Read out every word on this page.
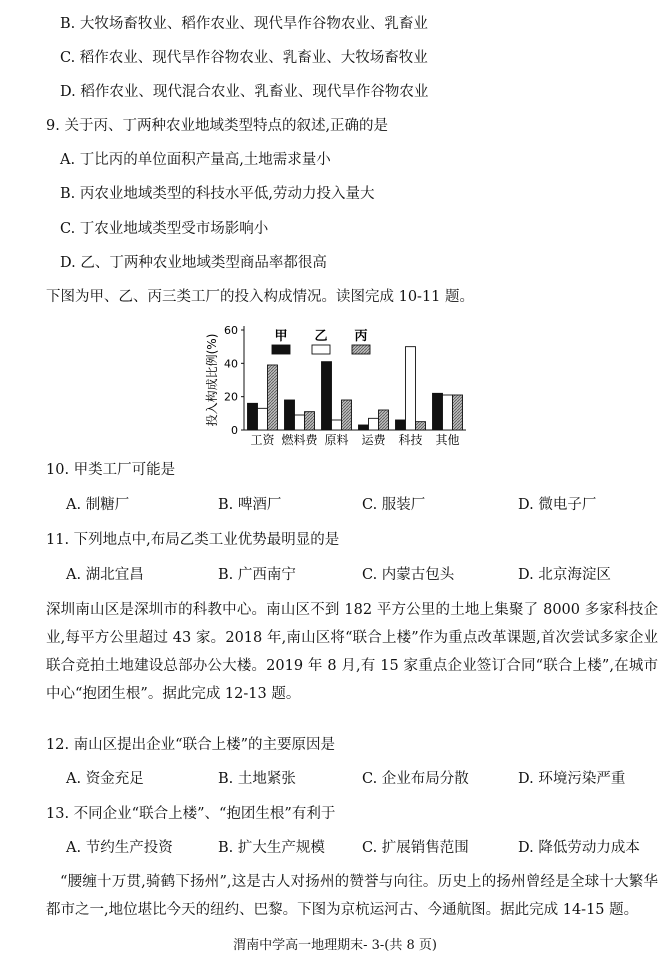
B. 大牧场畜牧业、稻作农业、现代旱作谷物农业、乳畜业
C. 稻作农业、现代旱作谷物农业、乳畜业、大牧场畜牧业
D. 稻作农业、现代混合农业、乳畜业、现代旱作谷物农业
9. 关于丙、丁两种农业地域类型特点的叙述,正确的是
A. 丁比丙的单位面积产量高,土地需求量小
B. 丙农业地域类型的科技水平低,劳动力投入量大
C. 丁农业地域类型受市场影响小
D. 乙、丁两种农业地域类型商品率都很高
下图为甲、乙、丙三类工厂的投入构成情况。读图完成 10-11 题。
投入构成比例(%)
0
20
40
60
工资 燃料费 原料 运费 科技 其他
甲 乙 丙
10. 甲类工厂可能是
A. 制糖厂	B. 啤酒厂	C. 服装厂	D. 微电子厂
11. 下列地点中,布局乙类工业优势最明显的是
A. 湖北宜昌	B. 广西南宁	C. 内蒙古包头	D. 北京海淀区
深圳南山区是深圳市的科教中心。南山区不到 182 平方公里的土地上集聚了 8000 多家科技企业,每平方公里超过 43 家。2018 年,南山区将“联合上楼”作为重点改革课题,首次尝试多家企业联合竞拍土地建设总部办公大楼。2019 年 8 月,有 15 家重点企业签订合同“联合上楼”,在城市中心“抱团生根”。据此完成 12-13 题。
12. 南山区提出企业“联合上楼”的主要原因是
A. 资金充足	B. 土地紧张	C. 企业布局分散	D. 环境污染严重
13. 不同企业“联合上楼”、“抱团生根”有利于
A. 节约生产投资	B. 扩大生产规模	C. 扩展销售范围	D. 降低劳动力成本
“腰缠十万贯,骑鹤下扬州”,这是古人对扬州的赞誉与向往。历史上的扬州曾经是全球十大繁华都市之一,地位堪比今天的纽约、巴黎。下图为京杭运河古、今通航图。据此完成 14-15 题。
渭南中学高一地理期末- 3-(共 8 页)
